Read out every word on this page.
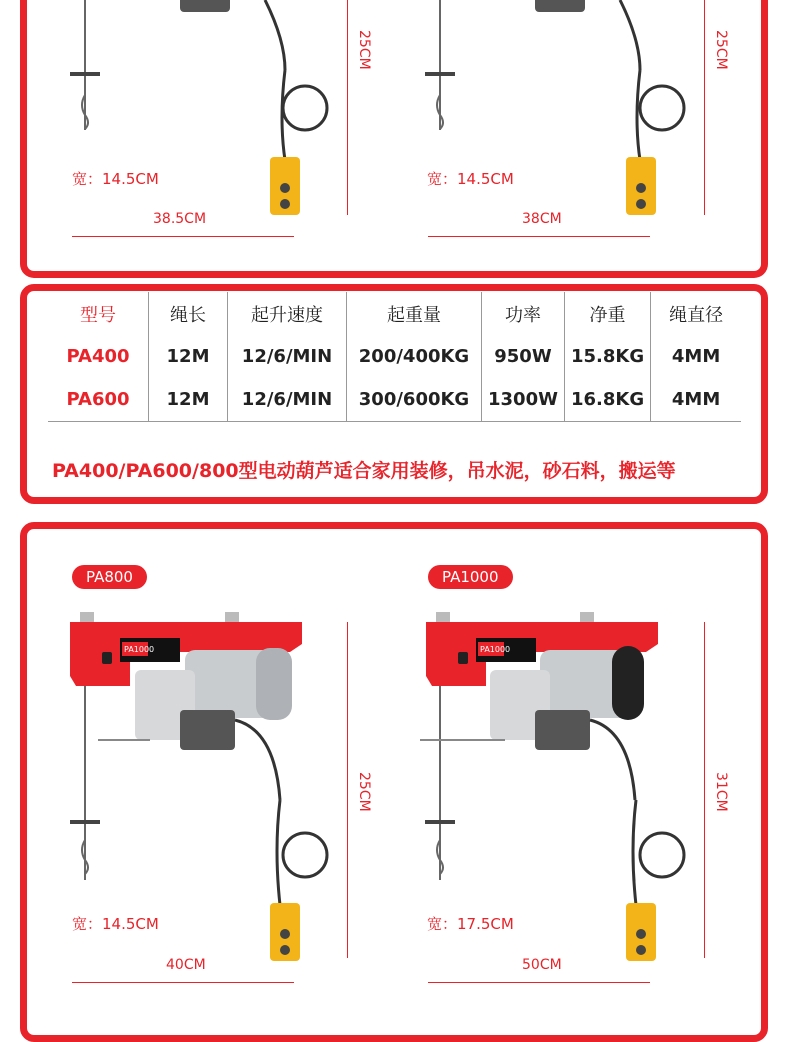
25CM	25CM
宽：14.5CM	宽：14.5CM
38.5CM	38CM
型号	绳长	起升速度	起重量	功率	净重	绳直径
PA400	12M	12/6/MIN	200/400KG	950W	15.8KG	4MM
PA600	12M	12/6/MIN	300/600KG	1300W	16.8KG	4MM
PA400/PA600/800型电动葫芦适合家用装修，吊水泥，砂石料，搬运等
PA800	PA1000
PA1000	PA1000
25CM	31CM
宽：14.5CM	宽：17.5CM
40CM	50CM
